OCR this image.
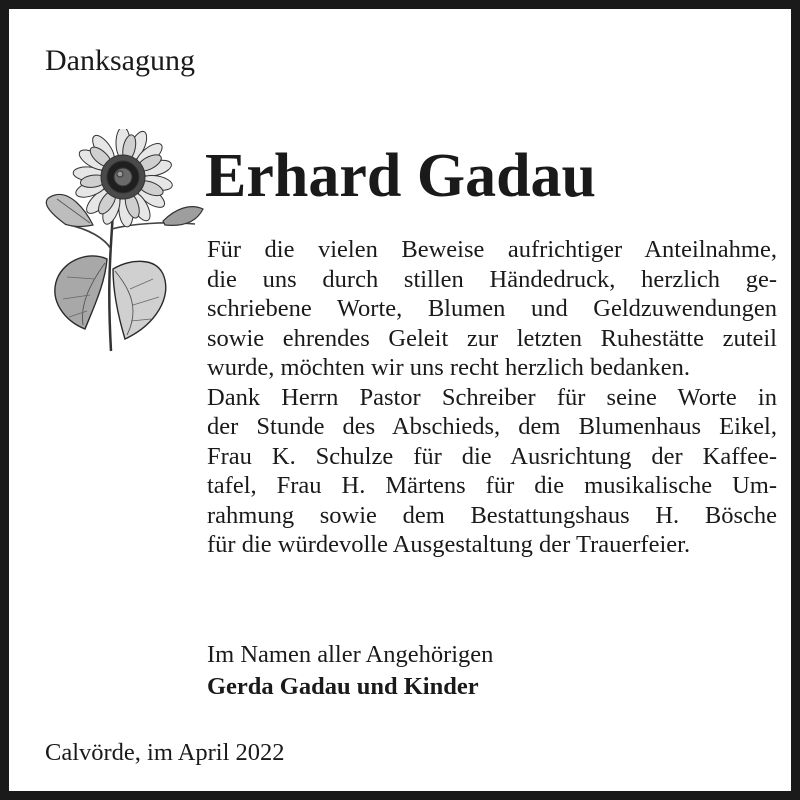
Danksagung
Erhard Gadau
Für die vielen Beweise aufrichtiger Anteilnahme,
die uns durch stillen Händedruck, herzlich ge-
schriebene Worte, Blumen und Geldzuwendungen
sowie ehrendes Geleit zur letzten Ruhestätte zuteil
wurde, möchten wir uns recht herzlich bedanken.
Dank Herrn Pastor Schreiber für seine Worte in
der Stunde des Abschieds, dem Blumenhaus Eikel,
Frau K. Schulze für die Ausrichtung der Kaffee-
tafel, Frau H. Märtens für die musikalische Um-
rahmung sowie dem Bestattungshaus H. Bösche
für die würdevolle Ausgestaltung der Trauerfeier.
Im Namen aller Angehörigen
Gerda Gadau und Kinder
Calvörde, im April 2022
